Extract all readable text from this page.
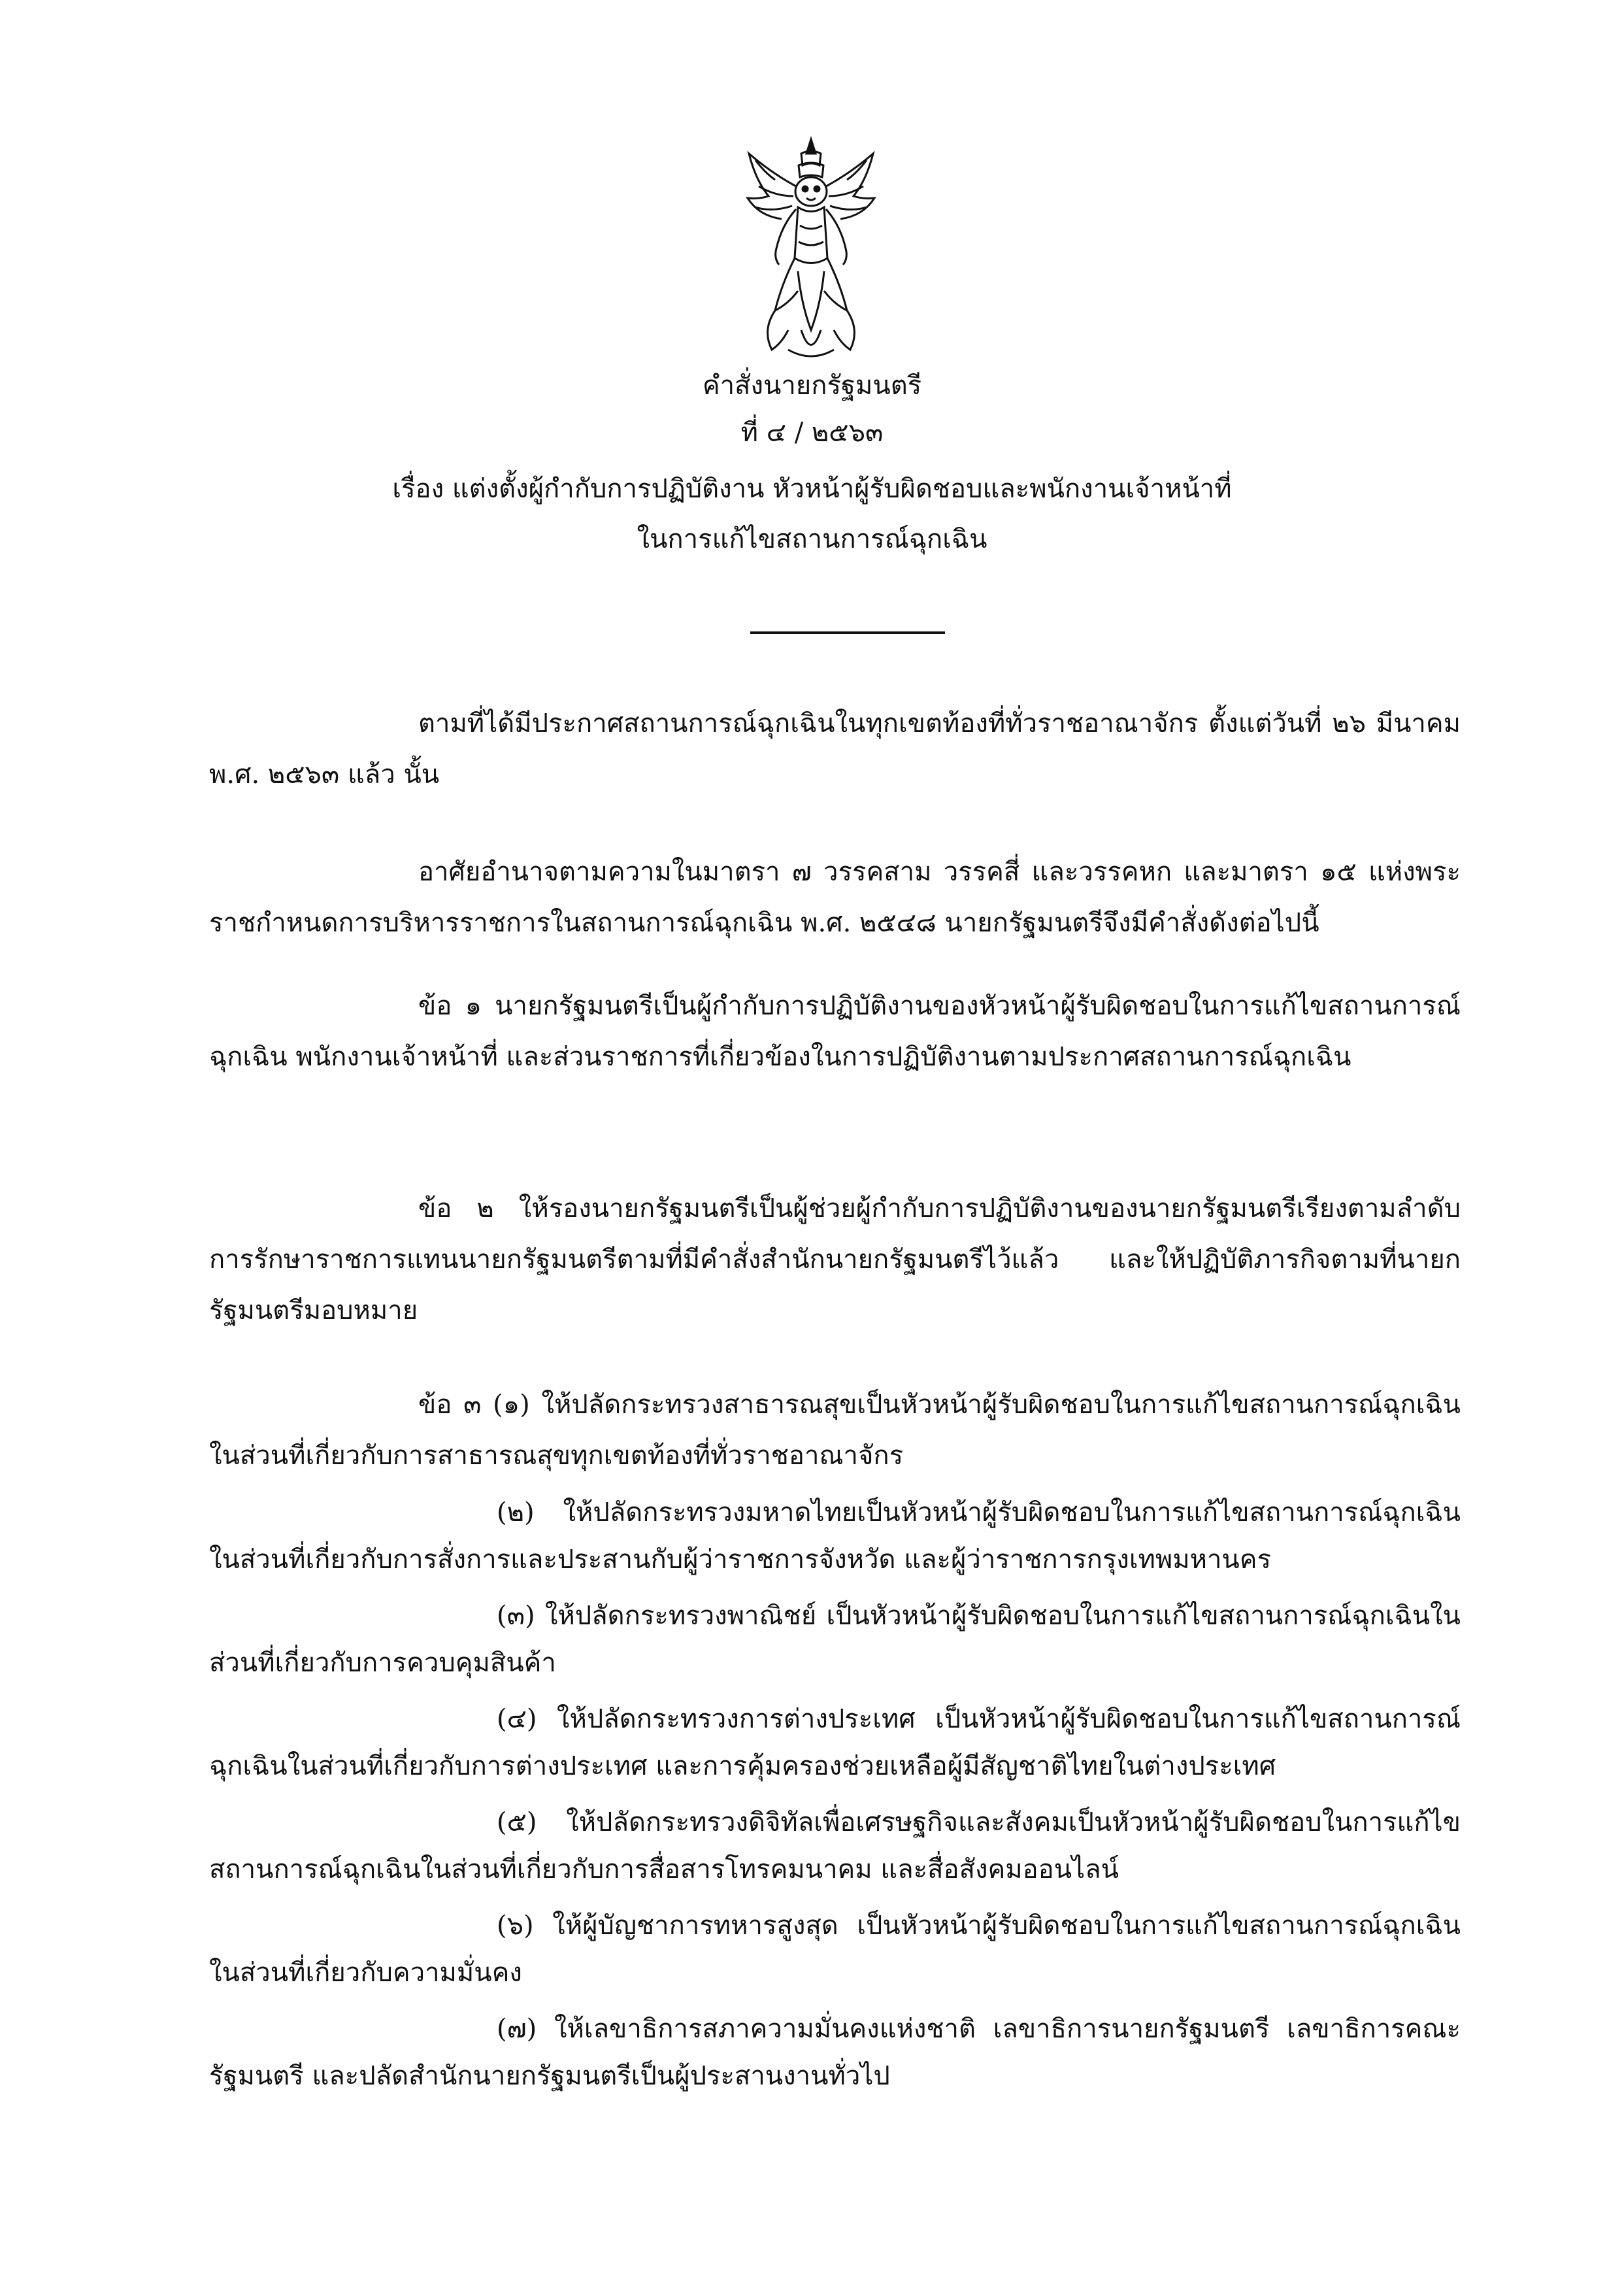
คำสั่งนายกรัฐมนตรี
ที่ ๔ / ๒๕๖๓
เรื่อง แต่งตั้งผู้กำกับการปฏิบัติงาน หัวหน้าผู้รับผิดชอบและพนักงานเจ้าหน้าที่
ในการแก้ไขสถานการณ์ฉุกเฉิน

ตามที่ได้มีประกาศสถานการณ์ฉุกเฉินในทุกเขตท้องที่ทั่วราชอาณาจักร ตั้งแต่วันที่ ๒๖ มีนาคม พ.ศ. ๒๕๖๓ แล้ว นั้น

อาศัยอำนาจตามความในมาตรา ๗ วรรคสาม วรรคสี่ และวรรคหก และมาตรา ๑๕ แห่งพระราชกำหนดการบริหารราชการในสถานการณ์ฉุกเฉิน พ.ศ. ๒๕๔๘ นายกรัฐมนตรีจึงมีคำสั่งดังต่อไปนี้

ข้อ ๑ นายกรัฐมนตรีเป็นผู้กำกับการปฏิบัติงานของหัวหน้าผู้รับผิดชอบในการแก้ไขสถานการณ์ฉุกเฉิน พนักงานเจ้าหน้าที่ และส่วนราชการที่เกี่ยวข้องในการปฏิบัติงานตามประกาศสถานการณ์ฉุกเฉิน

ข้อ ๒ ให้รองนายกรัฐมนตรีเป็นผู้ช่วยผู้กำกับการปฏิบัติงานของนายกรัฐมนตรีเรียงตามลำดับการรักษาราชการแทนนายกรัฐมนตรีตามที่มีคำสั่งสำนักนายกรัฐมนตรีไว้แล้ว และให้ปฏิบัติภารกิจตามที่นายกรัฐมนตรีมอบหมาย

ข้อ ๓ (๑) ให้ปลัดกระทรวงสาธารณสุขเป็นหัวหน้าผู้รับผิดชอบในการแก้ไขสถานการณ์ฉุกเฉินในส่วนที่เกี่ยวกับการสาธารณสุขทุกเขตท้องที่ทั่วราชอาณาจักร

(๒) ให้ปลัดกระทรวงมหาดไทยเป็นหัวหน้าผู้รับผิดชอบในการแก้ไขสถานการณ์ฉุกเฉินในส่วนที่เกี่ยวกับการสั่งการและประสานกับผู้ว่าราชการจังหวัด และผู้ว่าราชการกรุงเทพมหานคร

(๓) ให้ปลัดกระทรวงพาณิชย์ เป็นหัวหน้าผู้รับผิดชอบในการแก้ไขสถานการณ์ฉุกเฉินในส่วนที่เกี่ยวกับการควบคุมสินค้า

(๔) ให้ปลัดกระทรวงการต่างประเทศ เป็นหัวหน้าผู้รับผิดชอบในการแก้ไขสถานการณ์ฉุกเฉินในส่วนที่เกี่ยวกับการต่างประเทศ และการคุ้มครองช่วยเหลือผู้มีสัญชาติไทยในต่างประเทศ

(๕) ให้ปลัดกระทรวงดิจิทัลเพื่อเศรษฐกิจและสังคมเป็นหัวหน้าผู้รับผิดชอบในการแก้ไขสถานการณ์ฉุกเฉินในส่วนที่เกี่ยวกับการสื่อสารโทรคมนาคม และสื่อสังคมออนไลน์

(๖) ให้ผู้บัญชาการทหารสูงสุด เป็นหัวหน้าผู้รับผิดชอบในการแก้ไขสถานการณ์ฉุกเฉินในส่วนที่เกี่ยวกับความมั่นคง

(๗) ให้เลขาธิการสภาความมั่นคงแห่งชาติ เลขาธิการนายกรัฐมนตรี เลขาธิการคณะรัฐมนตรี และปลัดสำนักนายกรัฐมนตรีเป็นผู้ประสานงานทั่วไป
